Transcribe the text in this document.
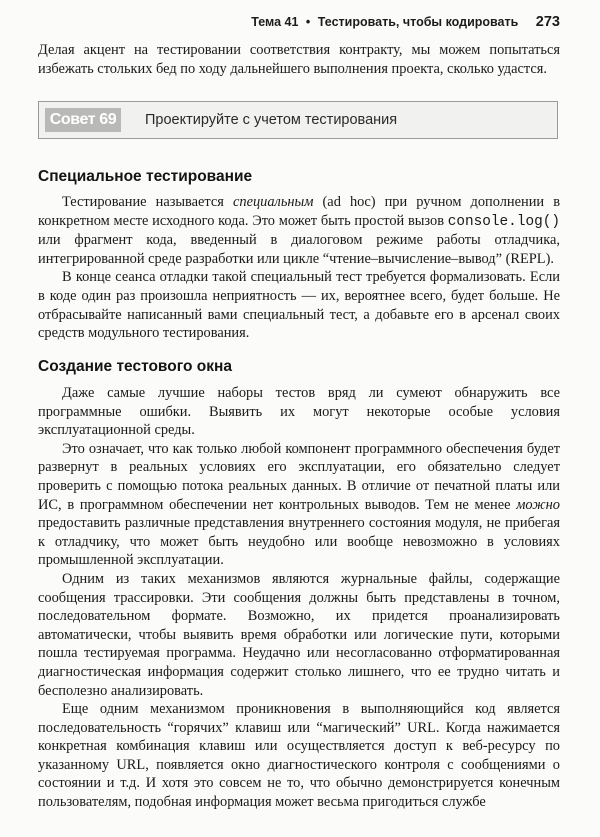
Тема 41 • Тестировать, чтобы кодировать 273

Делая акцент на тестировании соответствия контракту, мы можем попытаться избежать стольких бед по ходу дальнейшего выполнения проекта, сколько удастся.

Совет 69	Проектируйте с учетом тестирования
Специальное тестирование

Тестирование называется специальным (ad hoc) при ручном дополнении в конкретном месте исходного кода. Это может быть простой вызов console.log() или фрагмент кода, введенный в диалоговом режиме работы отладчика, интегрированной среде разработки или цикле “чтение–вычисление–вывод” (REPL).

В конце сеанса отладки такой специальный тест требуется формализовать. Если в коде один раз произошла неприятность — их, вероятнее всего, будет больше. Не отбрасывайте написанный вами специальный тест, а добавьте его в арсенал своих средств модульного тестирования.

Создание тестового окна

Даже самые лучшие наборы тестов вряд ли сумеют обнаружить все программные ошибки. Выявить их могут некоторые особые условия эксплуатационной среды.

Это означает, что как только любой компонент программного обеспечения будет развернут в реальных условиях его эксплуатации, его обязательно следует проверить с помощью потока реальных данных. В отличие от печатной платы или ИС, в программном обеспечении нет контрольных выводов. Тем не менее можно предоставить различные представления внутреннего состояния модуля, не прибегая к отладчику, что может быть неудобно или вообще невозможно в условиях промышленной эксплуатации.

Одним из таких механизмов являются журнальные файлы, содержащие сообщения трассировки. Эти сообщения должны быть представлены в точном, последовательном формате. Возможно, их придется проанализировать автоматически, чтобы выявить время обработки или логические пути, которыми пошла тестируемая программа. Неудачно или несогласованно отформатированная диагностическая информация содержит столько лишнего, что ее трудно читать и бесполезно анализировать.

Еще одним механизмом проникновения в выполняющийся код является последовательность “горячих” клавиш или “магический” URL. Когда нажимается конкретная комбинация клавиш или осуществляется доступ к веб-ресурсу по указанному URL, появляется окно диагностического контроля с сообщениями о состоянии и т.д. И хотя это совсем не то, что обычно демонстрируется конечным пользователям, подобная информация может весьма пригодиться службе
